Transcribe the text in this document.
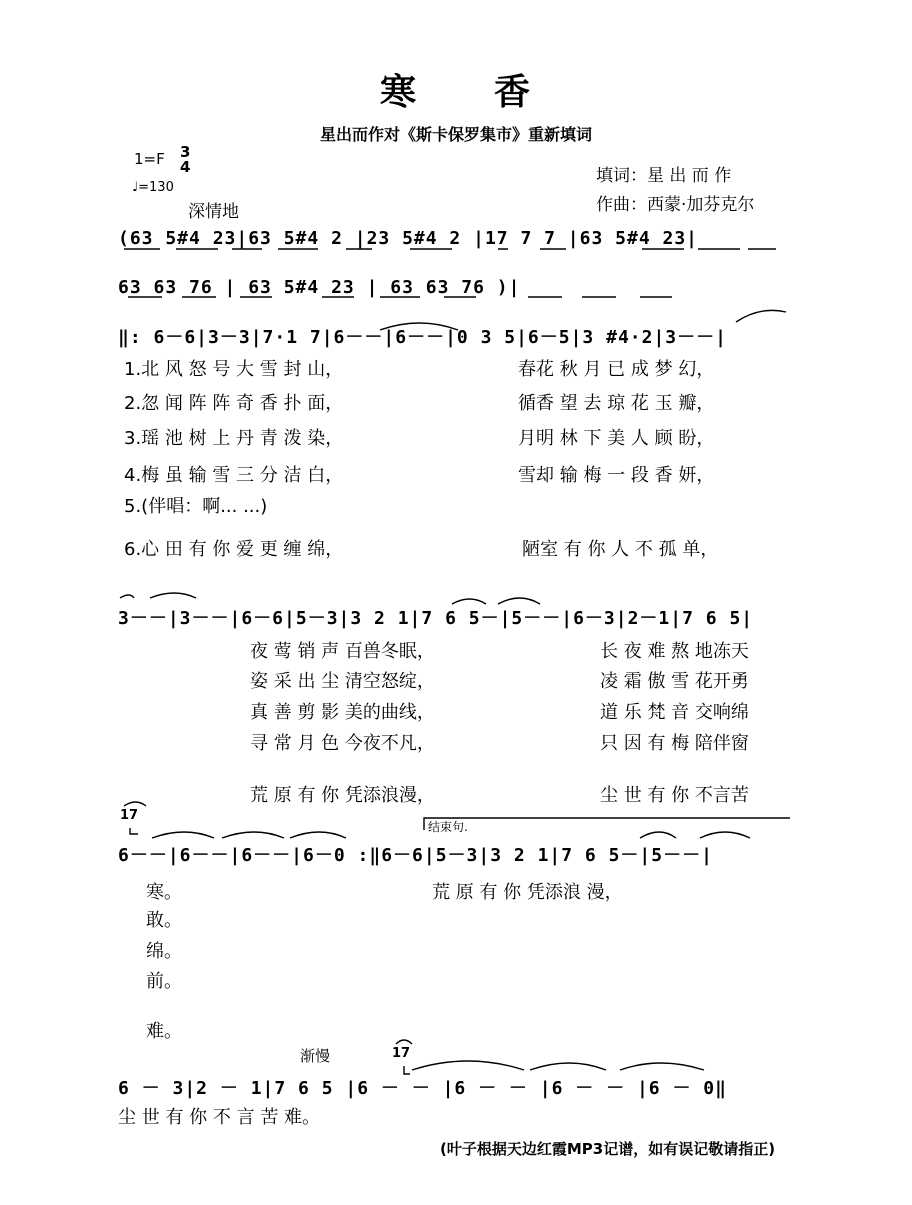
寒　　香
星出而作对《斯卡保罗集市》重新填词
1=F 3
4
♩=130
深情地
填词：星 出 而 作
作曲：西蒙·加芬克尔
(63 5#4 23|63 5#4 2 |23 5#4 2 |17 7 7 |63 5#4 23|
63 63 76 | 63 5#4 23 | 63 63 76 )|
‖: 6－6|3－3|7·1 7|6－－|6－－|0 3 5|6－5|3 #4·2|3－－|
1.北 风 怒 号 大 雪 封 山，	春花 秋 月 已 成 梦 幻，
2.忽 闻 阵 阵 奇 香 扑 面，	循香 望 去 琼 花 玉 瓣，
3.瑶 池 树 上 丹 青 泼 染，	月明 林 下 美 人 顾 盼，
4.梅 虽 输 雪 三 分 洁 白，	雪却 输 梅 一 段 香 妍，
5.(伴唱：啊... ...)
6.心 田 有 你 爱 更 缠 绵，	陋室 有 你 人 不 孤 单，
3－－|3－－|6－6|5－3|3 2 1|7 6 5－|5－－|6－3|2－1|7 6 5|
夜 莺 销 声 百兽冬眠，	长 夜 难 熬 地冻天
姿 采 出 尘 清空怒绽，	凌 霜 傲 雪 花开勇
真 善 剪 影 美的曲线，	道 乐 梵 音 交响绵
寻 常 月 色 今夜不凡，	只 因 有 梅 陪伴窗
荒 原 有 你 凭添浪漫，	尘 世 有 你 不言苦
17
结束句.
6－－|6－－|6－－|6－0 :‖6－6|5－3|3 2 1|7 6 5－|5－－|
寒。
敢。
绵。
前。
难。
荒 原 有 你 凭添浪 漫，
渐慢	17
6 － 3|2 － 1|7 6 5 |6 － － |6 － － |6 － － |6 － 0‖
尘 世 有 你 不 言 苦 难。
(叶子根据天边红霞MP3记谱，如有误记敬请指正)
